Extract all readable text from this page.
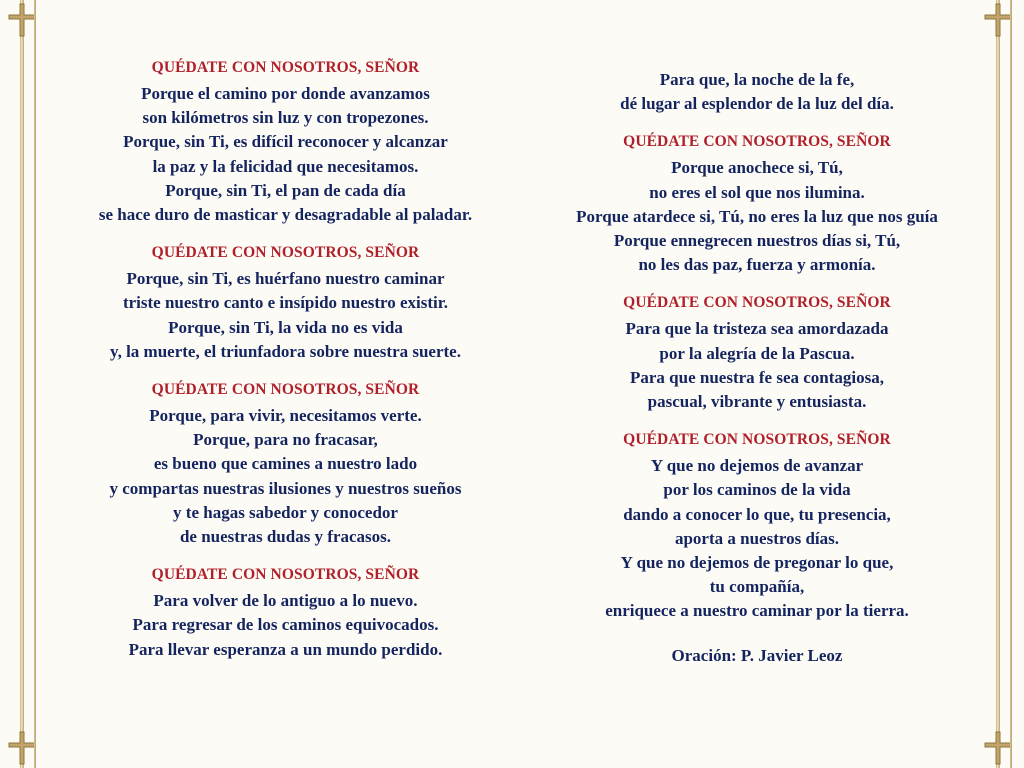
QUÉDATE CON NOSOTROS, SEÑOR
Porque el camino por donde avanzamos
son kilómetros sin luz y con tropezones.
Porque, sin Ti, es difícil reconocer y alcanzar
la paz y la felicidad que necesitamos.
Porque, sin Ti, el pan de cada día
se hace duro de masticar y desagradable al paladar.
QUÉDATE CON NOSOTROS, SEÑOR
Porque, sin Ti, es huérfano nuestro caminar
triste nuestro canto e insípido nuestro existir.
Porque, sin Ti, la vida no es vida
y, la muerte, el triunfadora sobre nuestra suerte.
QUÉDATE CON NOSOTROS, SEÑOR
Porque, para vivir, necesitamos verte.
Porque, para no fracasar,
es bueno que camines a nuestro lado
y compartas nuestras ilusiones y nuestros sueños
y te hagas sabedor y conocedor
de nuestras dudas y fracasos.
QUÉDATE CON NOSOTROS, SEÑOR
Para volver de lo antiguo a lo nuevo.
Para regresar de los caminos equivocados.
Para llevar esperanza a un mundo perdido.
Para que, la noche de la fe,
dé lugar al esplendor de la luz del día.
QUÉDATE CON NOSOTROS, SEÑOR
Porque anochece si, Tú,
no eres el sol que nos ilumina.
Porque atardece si, Tú, no eres la luz que nos guía
Porque ennegrecen nuestros días si, Tú,
no les das paz, fuerza y armonía.
QUÉDATE CON NOSOTROS, SEÑOR
Para que la tristeza sea amordazada
por la alegría de la Pascua.
Para que nuestra fe sea contagiosa,
pascual, vibrante y entusiasta.
QUÉDATE CON NOSOTROS, SEÑOR
Y que no dejemos de avanzar
por los caminos de la vida
dando a conocer lo que, tu presencia,
aporta a nuestros días.
Y que no dejemos de pregonar lo que,
tu compañía,
enriquece a nuestro caminar por la tierra.
Oración: P. Javier Leoz
